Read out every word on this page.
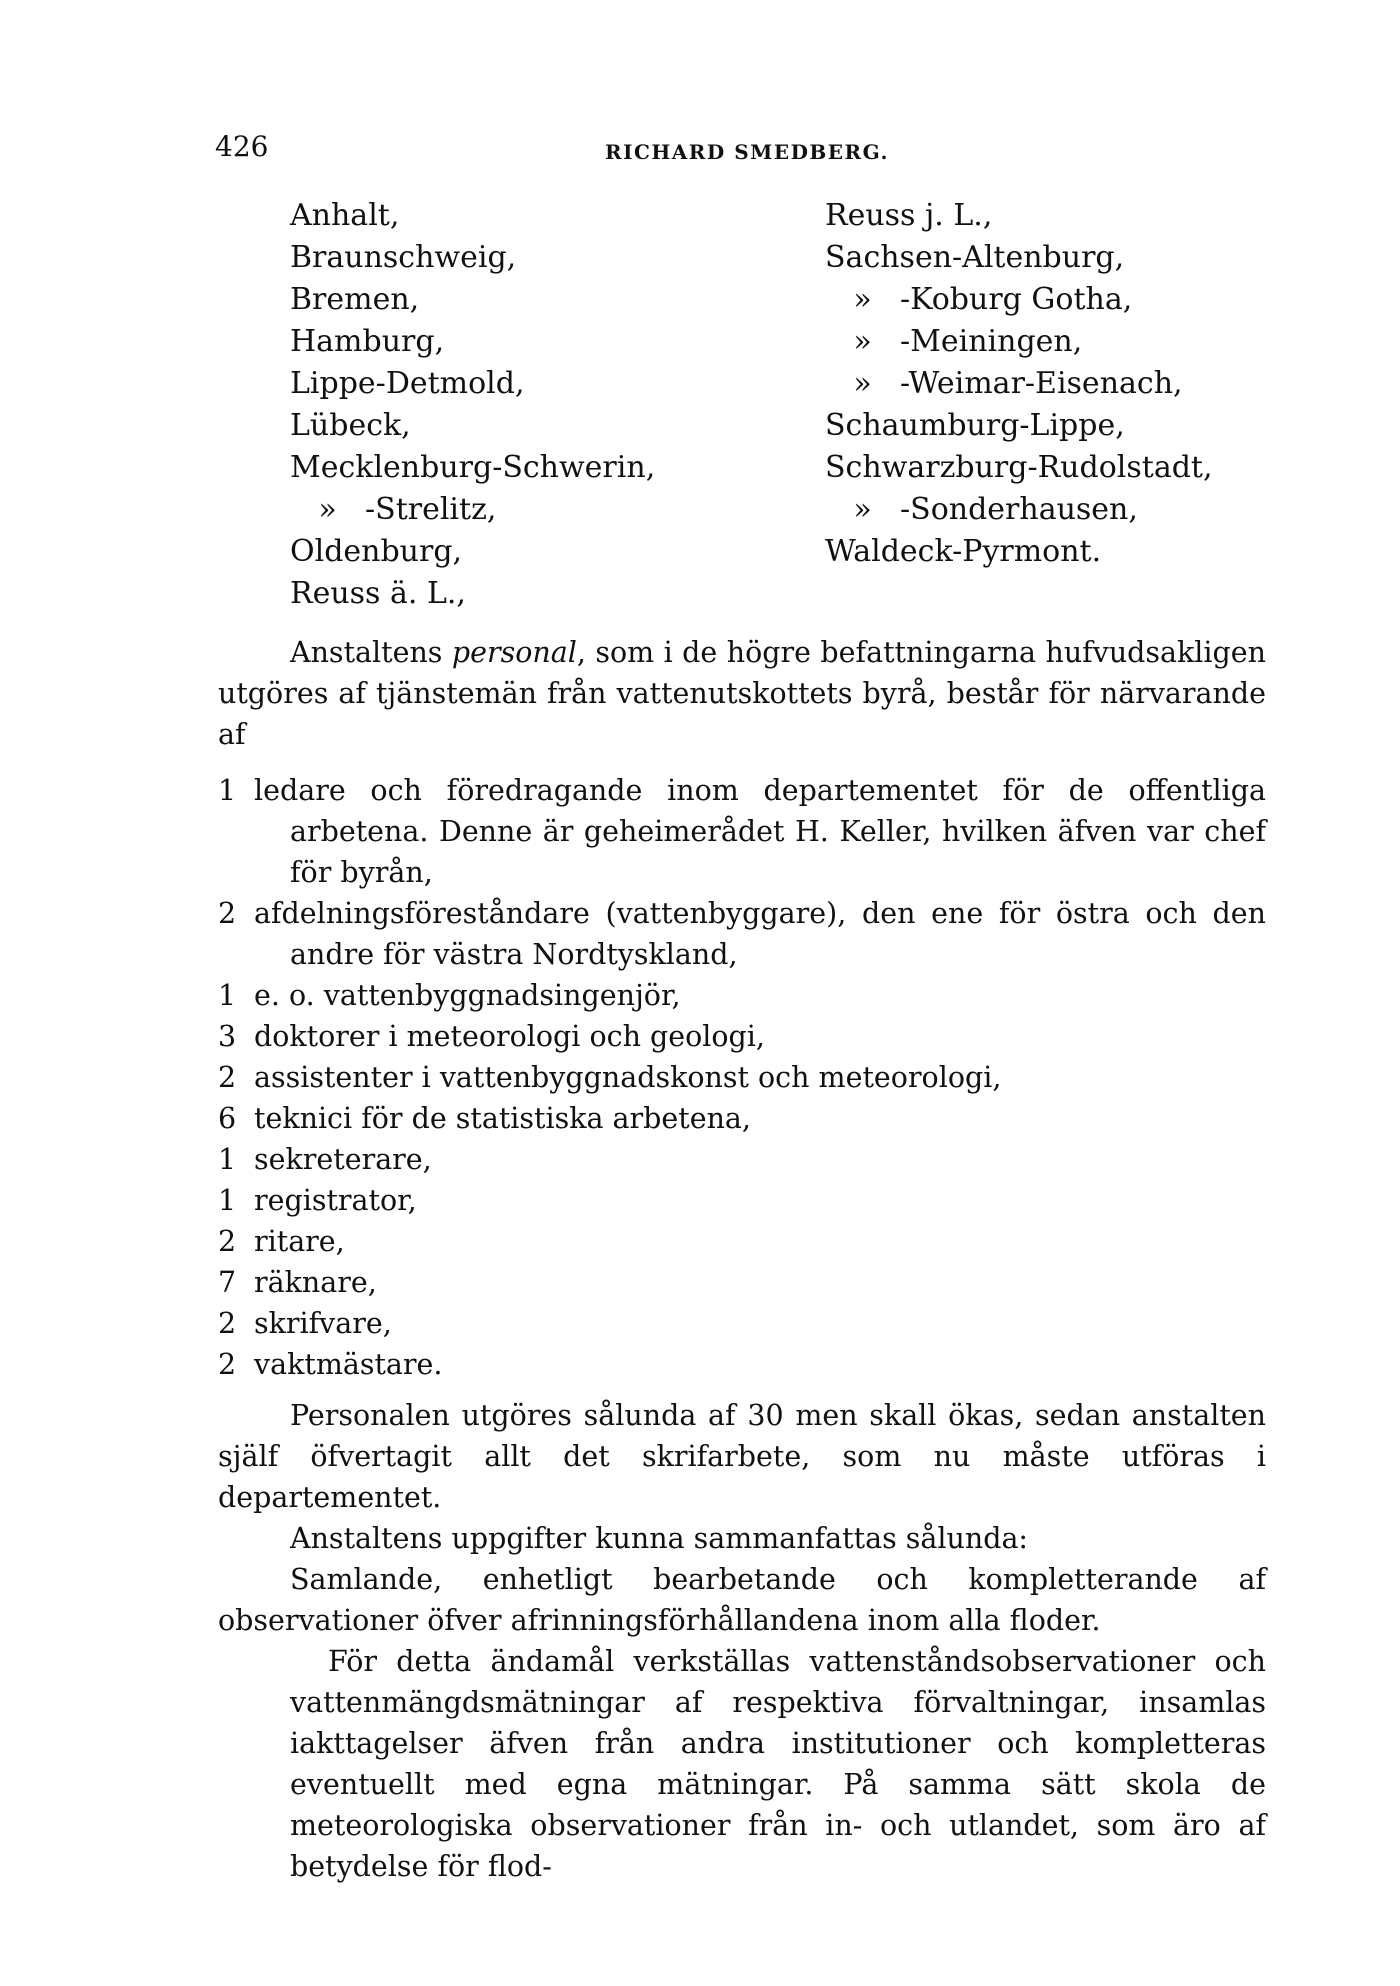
426	RICHARD SMEDBERG.
Anhalt,
Braunschweig,
Bremen,
Hamburg,
Lippe-Detmold,
Lübeck,
Mecklenburg-Schwerin,
» -Strelitz,
Oldenburg,
Reuss ä. L.,
Reuss j. L.,
Sachsen-Altenburg,
» -Koburg Gotha,
» -Meiningen,
» -Weimar-Eisenach,
Schaumburg-Lippe,
Schwarzburg-Rudolstadt,
» -Sonderhausen,
Waldeck-Pyrmont.

Anstaltens personal, som i de högre befattningarna hufvudsakligen utgöres af tjänstemän från vattenutskottets byrå, består för närvarande af

1 ledare och föredragande inom departementet för de offentliga arbetena. Denne är geheimerådet H. Keller, hvilken äfven var chef för byrån,
2 afdelningsföreståndare (vattenbyggare), den ene för östra och den andre för västra Nordtyskland,
1 e. o. vattenbyggnadsingenjör,
3 doktorer i meteorologi och geologi,
2 assistenter i vattenbyggnadskonst och meteorologi,
6 teknici för de statistiska arbetena,
1 sekreterare,
1 registrator,
2 ritare,
7 räknare,
2 skrifvare,
2 vaktmästare.

Personalen utgöres sålunda af 30 men skall ökas, sedan anstalten själf öfvertagit allt det skrifarbete, som nu måste utföras i departementet.

Anstaltens uppgifter kunna sammanfattas sålunda:

Samlande, enhetligt bearbetande och kompletterande af observationer öfver afrinningsförhållandena inom alla floder.

För detta ändamål verkställas vattenståndsobservationer och vattenmängdsmätningar af respektiva förvaltningar, insamlas iakttagelser äfven från andra institutioner och kompletteras eventuellt med egna mätningar. På samma sätt skola de meteorologiska observationer från in- och utlandet, som äro af betydelse för flod-
